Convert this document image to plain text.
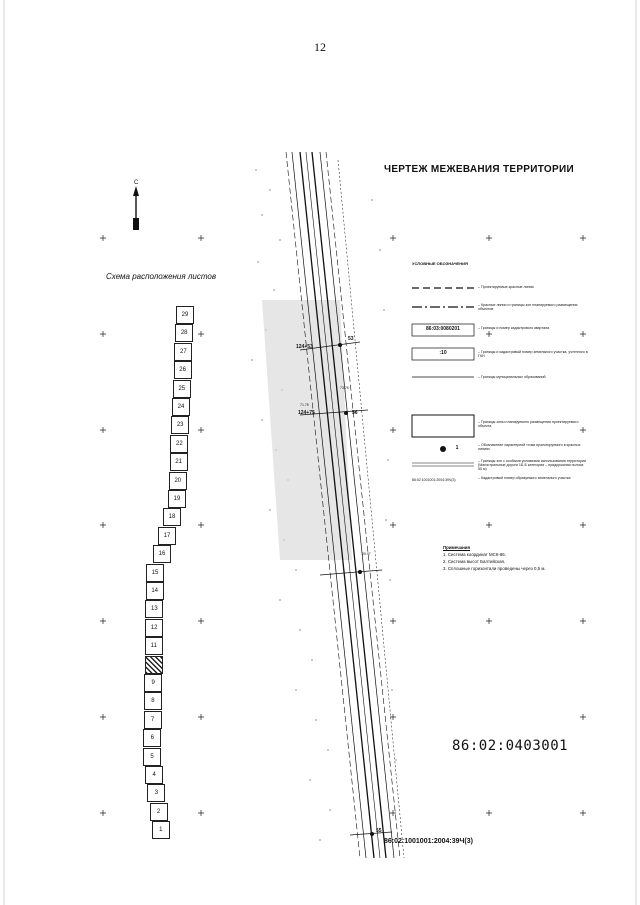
12
ЧЕРТЕЖ МЕЖЕВАНИЯ ТЕРРИТОРИИ
С
Схема расположения листов
29
28
27
26
25
24
23
22
21
20
19
18
17
16
15
14
13
12
11
9
8
7
6
5
4
3
2
1
УСЛОВНЫЕ ОБОЗНАЧЕНИЯ
86:03:0080201
:10
1
86:02:1001001:2004:39Ч(3)
– Проектируемые красные линии
– Красные линии и границы зон планируемого размещения объектов
– Границы и номер кадастрового квартала
– Границы и кадастровый номер земельного участка, учтенного в ГКН
– Границы муниципальных образований
– Границы зоны планируемого размещения проектируемого объекта
– Обозначение характерной точки проектируемого в красных линиях
– Границы зон с особыми условиями использования территории (Магистральные дороги 1Б-Б категории – придорожная полоса 50 м)
– Кадастровый номер образуемого земельного участка
Примечания
1. Система координат МСК-86.
2. Система высот Балтийская.
3. Сплошные горизонтали проведены через 0,5 м.
86:02:0403001
86:02:1001001:2004:39Ч(3)
124+53
124+75	56
53
55
29.97
73.76
71.75
